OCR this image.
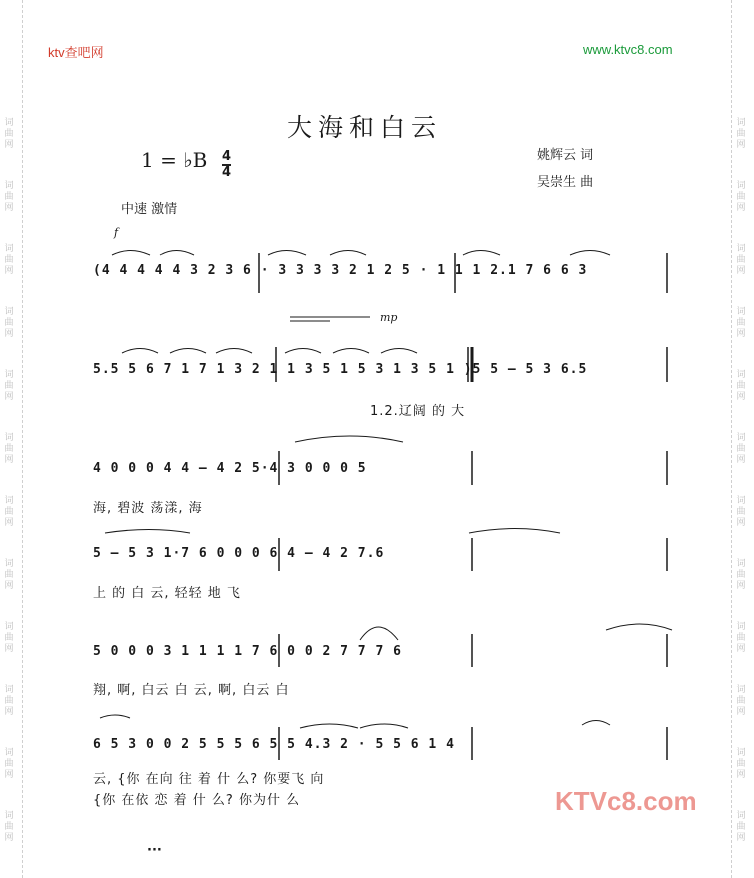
词
曲
网
词
曲
网
词
曲
网
词
曲
网
词
曲
网
词
曲
网
词
曲
网
词
曲
网
词
曲
网
词
曲
网
词
曲
网
词
曲
网
词
曲
网
词
曲
网
词
曲
网
词
曲
网
词
曲
网
词
曲
网
词
曲
网
词
曲
网
词
曲
网
词
曲
网
词
曲
网
词
曲
网
ktv查吧网	www.ktvc8.com
大海和白云
1 = ♭B 4
4
姚辉云 词
吴崇生 曲
中速 激情
f
mp
···
(4 4 4 4 4 3 2 3 6 · 3 3 3 3 2 1 2 5 · 1 1 1 2.1 7 6 6 3
5.5 5 6 7 1 7 1 3 2 1 1 3 5 1 5 3 1 3 5 1 )5 5 — 5 3 6.5
1.2.辽阔 的 大
4 0 0 0 4 4 — 4 2 5·4 3 0 0 0 5
海, 碧波 荡漾, 海
5 — 5 3 1·7 6 0 0 0 6 4 — 4 2 7.6
上 的 白 云, 轻轻 地 飞
5 0 0 0 3 1 1 1 1 7 6 0 0 2 7 7 7 6
翔, 啊, 白云 白 云, 啊, 白云 白
6 5 3 0 0 2 5 5 5 6 5 5 4.3 2 · 5 5 6 1 4
云, {你 在向 往 着 什 么? 你要飞 向
{你 在依 恋 着 什 么? 你为什 么	KTVc8.com
